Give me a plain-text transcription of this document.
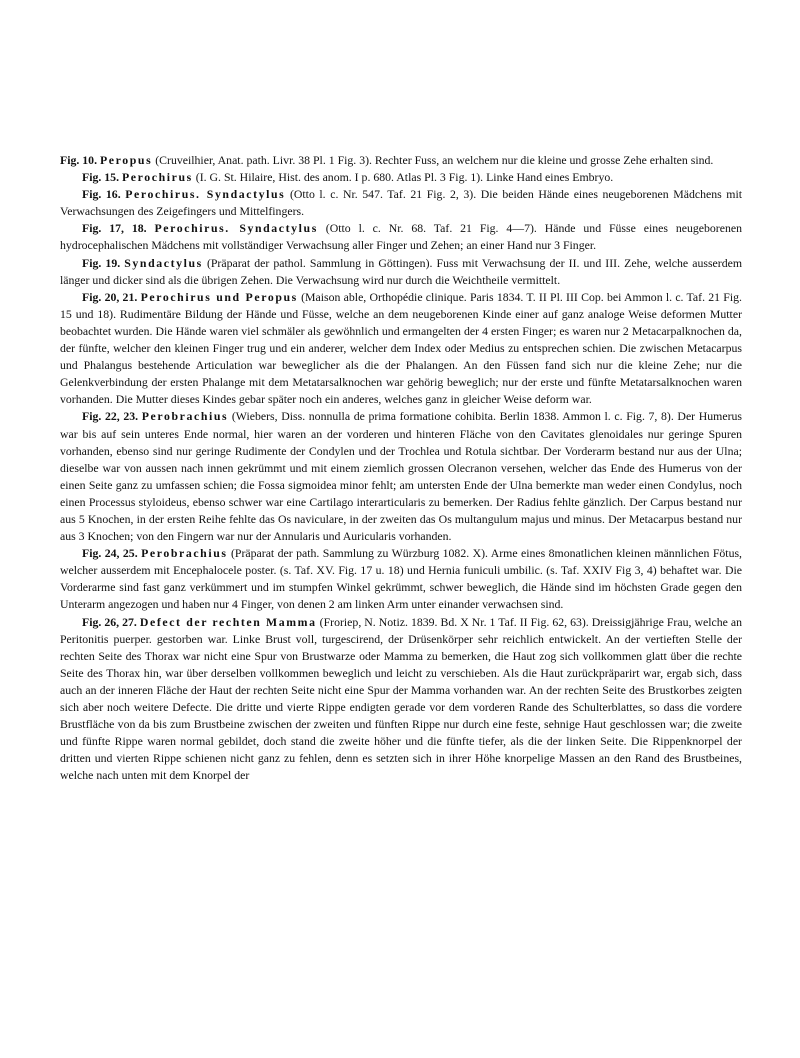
Fig. 10. Peropus (Cruveilhier, Anat. path. Livr. 38 Pl. 1 Fig. 3). Rechter Fuss, an welchem nur die kleine und grosse Zehe erhalten sind.

Fig. 15. Perochirus (I. G. St. Hilaire, Hist. des anom. I p. 680. Atlas Pl. 3 Fig. 1). Linke Hand eines Embryo.

Fig. 16. Perochirus. Syndactylus (Otto l. c. Nr. 547. Taf. 21 Fig. 2, 3). Die beiden Hände eines neugeborenen Mädchens mit Verwachsungen des Zeigefingers und Mittelfingers.

Fig. 17, 18. Perochirus. Syndactylus (Otto l. c. Nr. 68. Taf. 21 Fig. 4—7). Hände und Füsse eines neugeborenen hydrocephalischen Mädchens mit vollständiger Verwachsung aller Finger und Zehen; an einer Hand nur 3 Finger.

Fig. 19. Syndactylus (Präparat der pathol. Sammlung in Göttingen). Fuss mit Verwachsung der II. und III. Zehe, welche ausserdem länger und dicker sind als die übrigen Zehen. Die Verwachsung wird nur durch die Weichtheile vermittelt.

Fig. 20, 21. Perochirus und Peropus (Maison able, Orthopédie clinique. Paris 1834. T. II Pl. III Cop. bei Ammon l. c. Taf. 21 Fig. 15 und 18). Rudimentäre Bildung der Hände und Füsse, welche an dem neugeborenen Kinde einer auf ganz analoge Weise deformen Mutter beobachtet wurden. Die Hände waren viel schmäler als gewöhnlich und ermangelten der 4 ersten Finger; es waren nur 2 Metacarpalknochen da, der fünfte, welcher den kleinen Finger trug und ein anderer, welcher dem Index oder Medius zu entsprechen schien. Die zwischen Metacarpus und Phalangus bestehende Articulation war beweglicher als die der Phalangen. An den Füssen fand sich nur die kleine Zehe; nur die Gelenkverbindung der ersten Phalange mit dem Metatarsalknochen war gehörig beweglich; nur der erste und fünfte Metatarsalknochen waren vorhanden. Die Mutter dieses Kindes gebar später noch ein anderes, welches ganz in gleicher Weise deform war.

Fig. 22, 23. Perobrachius (Wiebers, Diss. nonnulla de prima formatione cohibita. Berlin 1838. Ammon l. c. Fig. 7, 8). Der Humerus war bis auf sein unteres Ende normal, hier waren an der vorderen und hinteren Fläche von den Cavitates glenoidales nur geringe Spuren vorhanden, ebenso sind nur geringe Rudimente der Condylen und der Trochlea und Rotula sichtbar. Der Vorderarm bestand nur aus der Ulna; dieselbe war von aussen nach innen gekrümmt und mit einem ziemlich grossen Olecranon versehen, welcher das Ende des Humerus von der einen Seite ganz zu umfassen schien; die Fossa sigmoidea minor fehlt; am untersten Ende der Ulna bemerkte man weder einen Condylus, noch einen Processus styloideus, ebenso schwer war eine Cartilago interarticularis zu bemerken. Der Radius fehlte gänzlich. Der Carpus bestand nur aus 5 Knochen, in der ersten Reihe fehlte das Os naviculare, in der zweiten das Os multangulum majus und minus. Der Metacarpus bestand nur aus 3 Knochen; von den Fingern war nur der Annularis und Auricularis vorhanden.

Fig. 24, 25. Perobrachius (Präparat der path. Sammlung zu Würzburg 1082. X). Arme eines 8monatlichen kleinen männlichen Fötus, welcher ausserdem mit Encephalocele poster. (s. Taf. XV. Fig. 17 u. 18) und Hernia funiculi umbilic. (s. Taf. XXIV Fig 3, 4) behaftet war. Die Vorderarme sind fast ganz verkümmert und im stumpfen Winkel gekrümmt, schwer beweglich, die Hände sind im höchsten Grade gegen den Unterarm angezogen und haben nur 4 Finger, von denen 2 am linken Arm unter einander verwachsen sind.

Fig. 26, 27. Defect der rechten Mamma (Froriep, N. Notiz. 1839. Bd. X Nr. 1 Taf. II Fig. 62, 63). Dreissigjährige Frau, welche an Peritonitis puerper. gestorben war. Linke Brust voll, turgescirend, der Drüsenkörper sehr reichlich entwickelt. An der vertieften Stelle der rechten Seite des Thorax war nicht eine Spur von Brustwarze oder Mamma zu bemerken, die Haut zog sich vollkommen glatt über die rechte Seite des Thorax hin, war über derselben vollkommen beweglich und leicht zu verschieben. Als die Haut zurückpräparirt war, ergab sich, dass auch an der inneren Fläche der Haut der rechten Seite nicht eine Spur der Mamma vorhanden war. An der rechten Seite des Brustkorbes zeigten sich aber noch weitere Defecte. Die dritte und vierte Rippe endigten gerade vor dem vorderen Rande des Schulterblattes, so dass die vordere Brustfläche von da bis zum Brustbeine zwischen der zweiten und fünften Rippe nur durch eine feste, sehnige Haut geschlossen war; die zweite und fünfte Rippe waren normal gebildet, doch stand die zweite höher und die fünfte tiefer, als die der linken Seite. Die Rippenknorpel der dritten und vierten Rippe schienen nicht ganz zu fehlen, denn es setzten sich in ihrer Höhe knorpelige Massen an den Rand des Brustbeines, welche nach unten mit dem Knorpel der
